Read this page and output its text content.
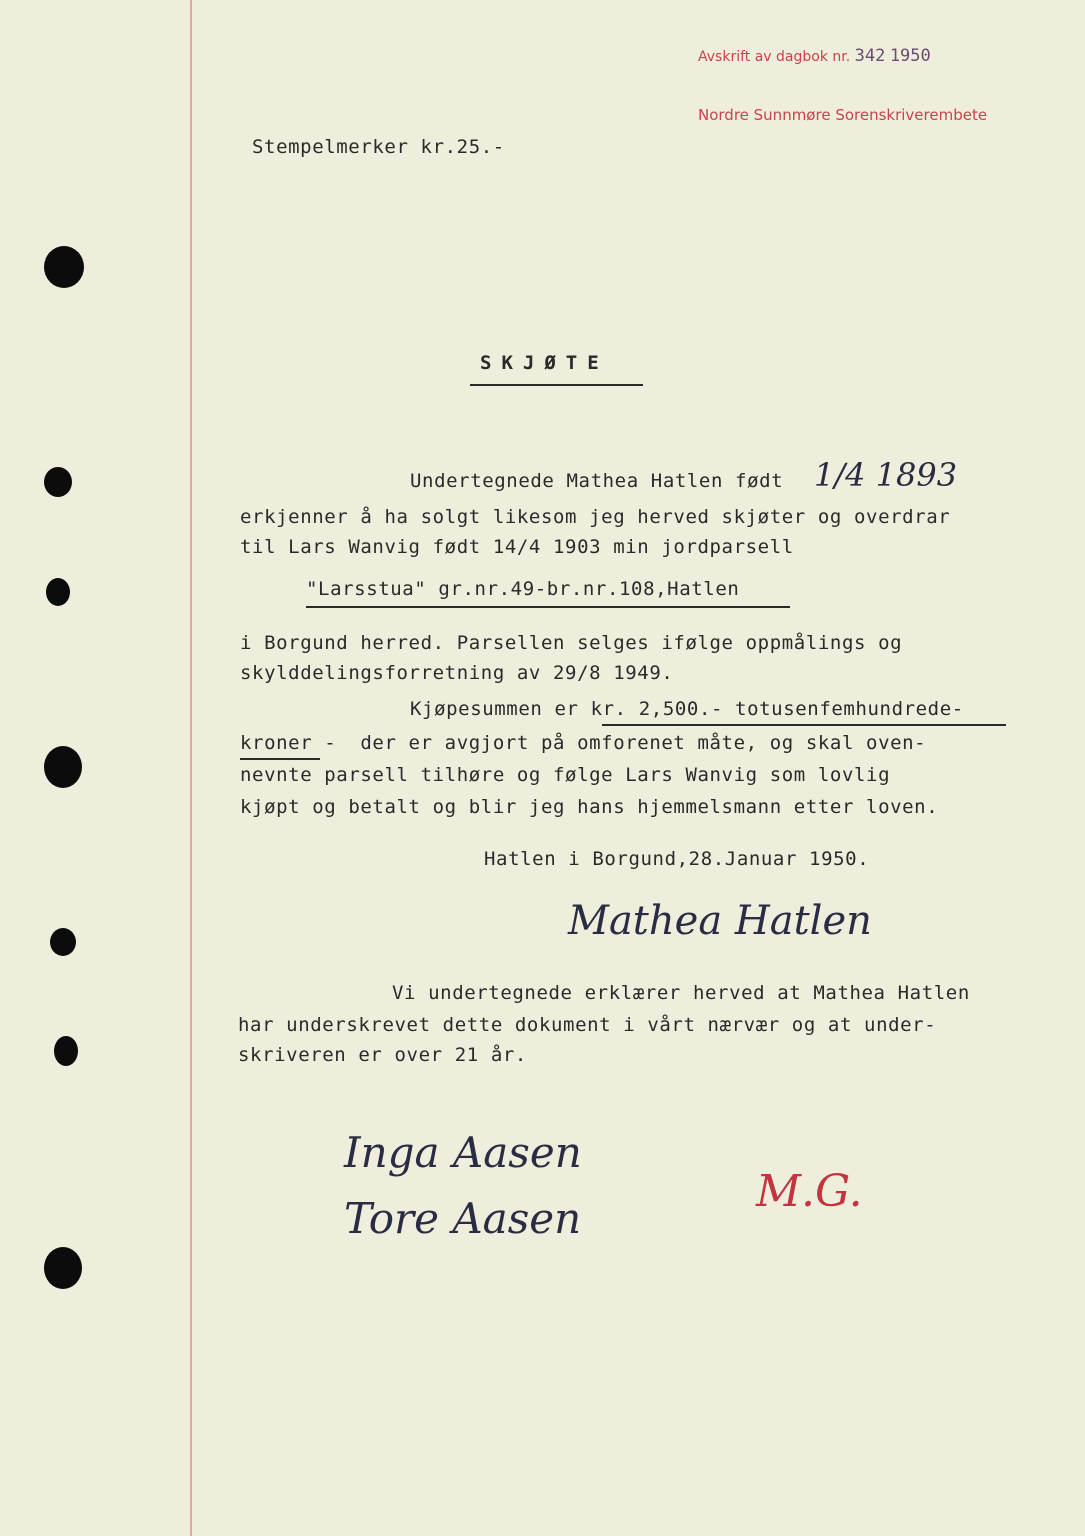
Avskrift av dagbok nr. 342 1950
Nordre Sunnmøre Sorenskriverembete
Stempelmerker kr.25.-
SKJØTE
Undertegnede Mathea Hatlen født 1/4 1893
erkjenner å ha solgt likesom jeg herved skjøter og overdrar
til Lars Wanvig født 14/4 1903 min jordparsell
"Larsstua" gr.nr.49-br.nr.108,Hatlen
i Borgund herred. Parsellen selges ifølge oppmålings og
skylddelingsforretning av 29/8 1949.
Kjøpesummen er kr. 2,500.- totusenfemhundrede-
kroner -  der er avgjort på omforenet måte, og skal oven-
nevnte parsell tilhøre og følge Lars Wanvig som lovlig
kjøpt og betalt og blir jeg hans hjemmelsmann etter loven.
Hatlen i Borgund,28.Januar 1950.
Mathea Hatlen
Vi undertegnede erklærer herved at Mathea Hatlen
har underskrevet dette dokument i vårt nærvær og at under-
skriveren er over 21 år.
Inga Aasen
Tore Aasen
M.G.
